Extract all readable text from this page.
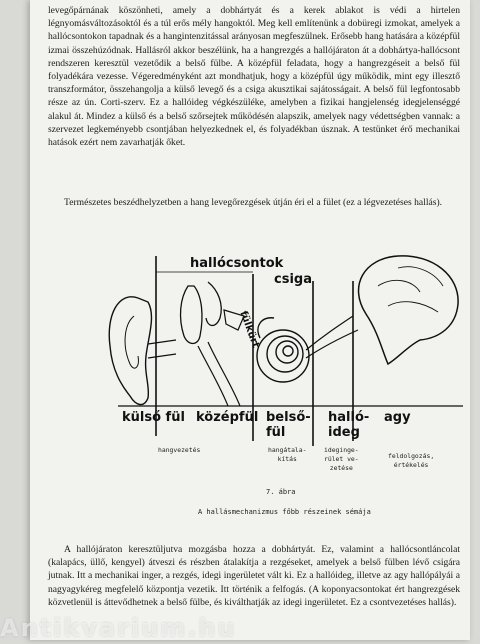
levegőpárnának köszönheti, amely a dobhártyát és a kerek ablakot is védi a hirtelen légnyomásváltozásoktól és a túl erős mély hangoktól. Meg kell említenünk a dobüregi izmokat, amelyek a hallócsontokon tapadnak és a hangintenzitással arányosan megfeszülnek. Erősebb hang hatására a középfül izmai összehúzódnak. Hallásról akkor beszélünk, ha a hangrezgés a hallójáraton át a dobhártya-hallócsont rendszeren keresztül vezetődik a belső fülbe. A középfül feladata, hogy a hangrezgéseit a belső fül folyadékára vezesse. Végeredményként azt mondhatjuk, hogy a középfül úgy működik, mint egy illesztő transzformátor, összehangolja a külső levegő és a csiga akusztikai sajátosságait. A belső fül legfontosabb része az ún. Corti-szerv. Ez a hallóideg végkészüléke, amelyben a fizikai hangjelenség idegjelenséggé alakul át. Mindez a külső és a belső szőrsejtek működésén alapszik, amelyek nagy védettségben vannak: a szervezet legkeményebb csontjában helyezkednek el, és folyadékban úsznak. A testünket érő mechanikai hatások ezért nem zavarhatják őket.

Természetes beszédhelyzetben a hang levegőrezgések útján éri el a fület (ez a légvezetéses hallás).

hallócsontok
csiga
fülkürt
külső fül középfül belső-
fül
halló-
ideg
agy
hangvezetés	hangátala-
kítás
ideginge-
rület ve-
zetése
feldolgozás,
értékelés
7. ábra
A hallásmechanizmus főbb részeinek sémája

A hallójáraton keresztüljutva mozgásba hozza a dobhártyát. Ez, valamint a hallócsontláncolat (kalapács, üllő, kengyel) átveszi és részben átalakítja a rezgéseket, amelyek a belső fülben lévő csigára jutnak. Itt a mechanikai inger, a rezgés, idegi ingerületet vált ki. Ez a hallóideg, illetve az agy hallópályái a nagyagykéreg megfelelő központja vezetik. Itt történik a felfogás. (A koponyacsontokat ért hangrezgések közvetlenül is áttevődhetnek a belső fülbe, és kiválthatják az idegi ingerületet. Ez a csontvezetéses hallás).

Antikvarium.hu
